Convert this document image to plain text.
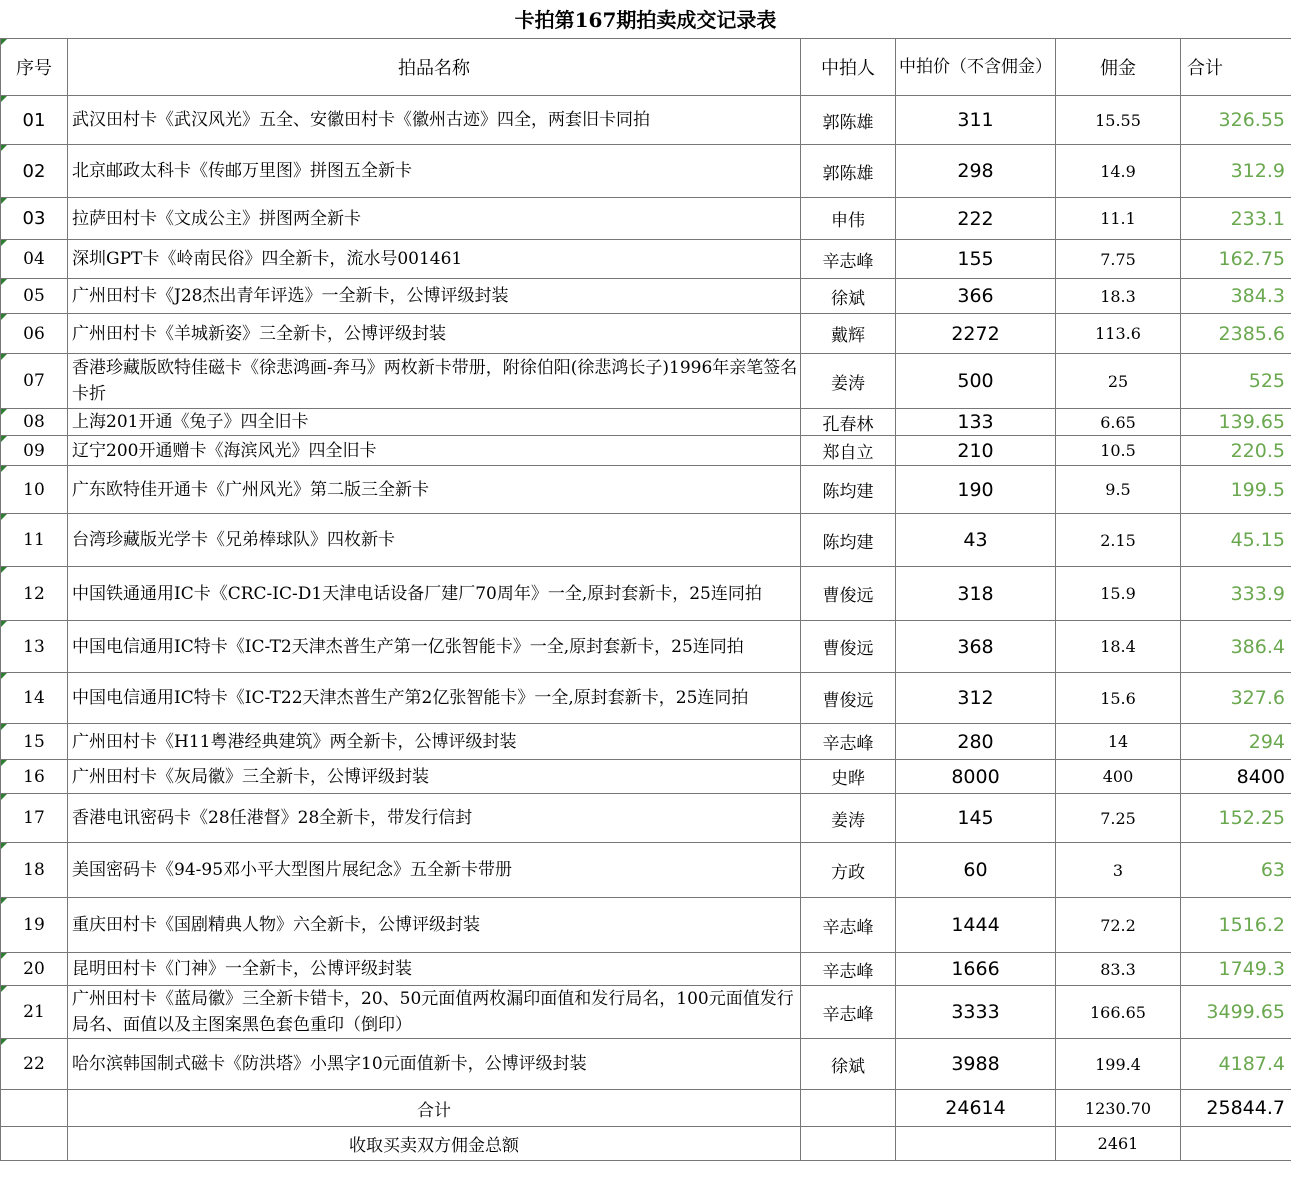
卡拍第167期拍卖成交记录表
序号	拍品名称	中拍人	中拍价（不含佣金）	佣金	合计
01	武汉田村卡《武汉风光》五全、安徽田村卡《徽州古迹》四全，两套旧卡同拍	郭陈雄	311	15.55	326.55
02	北京邮政太科卡《传邮万里图》拼图五全新卡	郭陈雄	298	14.9	312.9
03	拉萨田村卡《文成公主》拼图两全新卡	申伟	222	11.1	233.1
04	深圳GPT卡《岭南民俗》四全新卡，流水号001461	辛志峰	155	7.75	162.75
05	广州田村卡《J28杰出青年评选》一全新卡，公博评级封装	徐斌	366	18.3	384.3
06	广州田村卡《羊城新姿》三全新卡，公博评级封装	戴辉	2272	113.6	2385.6
07	香港珍藏版欧特佳磁卡《徐悲鸿画-奔马》两枚新卡带册，附徐伯阳(徐悲鸿长子)1996年亲笔签名卡折	姜涛	500	25	525
08	上海201开通《兔子》四全旧卡	孔春林	133	6.65	139.65
09	辽宁200开通赠卡《海滨风光》四全旧卡	郑自立	210	10.5	220.5
10	广东欧特佳开通卡《广州风光》第二版三全新卡	陈均建	190	9.5	199.5
11	台湾珍藏版光学卡《兄弟棒球队》四枚新卡	陈均建	43	2.15	45.15
12	中国铁通通用IC卡《CRC-IC-D1天津电话设备厂建厂70周年》一全,原封套新卡，25连同拍	曹俊远	318	15.9	333.9
13	中国电信通用IC特卡《IC-T2天津杰普生产第一亿张智能卡》一全,原封套新卡，25连同拍	曹俊远	368	18.4	386.4
14	中国电信通用IC特卡《IC-T22天津杰普生产第2亿张智能卡》一全,原封套新卡，25连同拍	曹俊远	312	15.6	327.6
15	广州田村卡《H11粤港经典建筑》两全新卡，公博评级封装	辛志峰	280	14	294
16	广州田村卡《灰局徽》三全新卡，公博评级封装	史晔	8000	400	8400
17	香港电讯密码卡《28任港督》28全新卡，带发行信封	姜涛	145	7.25	152.25
18	美国密码卡《94-95邓小平大型图片展纪念》五全新卡带册	方政	60	3	63
19	重庆田村卡《国剧精典人物》六全新卡，公博评级封装	辛志峰	1444	72.2	1516.2
20	昆明田村卡《门神》一全新卡，公博评级封装	辛志峰	1666	83.3	1749.3
21	广州田村卡《蓝局徽》三全新卡错卡，20、50元面值两枚漏印面值和发行局名，100元面值发行局名、面值以及主图案黑色套色重印（倒印）	辛志峰	3333	166.65	3499.65
22	哈尔滨韩国制式磁卡《防洪塔》小黑字10元面值新卡，公博评级封装	徐斌	3988	199.4	4187.4
	合计		24614	1230.70	25844.7
	收取买卖双方佣金总额			2461	
